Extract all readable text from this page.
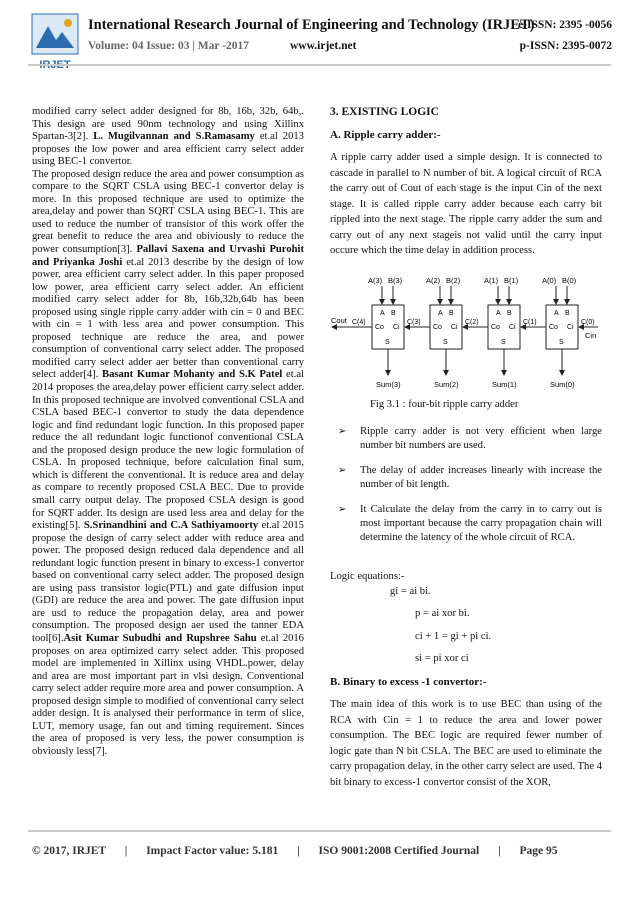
IRJET
International Research Journal of Engineering and Technology (IRJET)
e-ISSN: 2395 -0056
Volume: 04 Issue: 03 | Mar -2017	www.irjet.net	p-ISSN: 2395-0072

modified carry select adder designed for 8b, 16b, 32b, 64b,. This design are used 90nm technology and using Xillinx Spartan-3[2]. L. Mugilvannan and S.Ramasamy et.al 2013 proposes the low power and area efficient carry select adder using BEC-1 convertor.

The proposed design reduce the area and power consumption as compare to the SQRT CSLA using BEC-1 convertor delay is more. In this proposed technique are used to optimize the area,delay and power than SQRT CSLA using BEC-1. This are used to reduce the number of transistor of this work offer the great benefit to reduce the area and obiviously to reduce the power consumption[3]. Pallavi Saxena and Urvashi Purohit and Priyanka Joshi et.al 2013 describe by the design of low power, area efficient carry select adder. In this paper proposed low power, area efficient carry select adder. An efficient modified carry select adder for 8b, 16b,32b,64b has been proposed using single ripple carry adder with cin = 0 and BEC with cin = 1 with less area and power consumption. This proposed technique are reduce the area, and power consumption of conventional carry select adder. The proposed modified carry select adder aer better than conventional carry select adder[4]. Basant Kumar Mohanty and S.K Patel et.al 2014 proposes the area,delay power efficient carry select adder. In this proposed technique are involved conventional CSLA and CSLA based BEC-1 convertor to study the data dependence logic and find redundant logic function. In this proposed paper reduce the all redundant logic functionof conventional CSLA and the proposed design produce the new logic formulation of CSLA. In proposed technique, before calculation final sum, which is different the conventional. It is reduce area and delay as compare to recently proposed CSLA BEC. Due to provide small carry output delay. The proposed CSLA design is good for SQRT adder. Its design are used less area and delay for the existing[5]. S.Srinandhini and C.A Sathiyamoorty et.al 2015 propose the design of carry select adder with reduce area and power. The proposed design reduced dala dependence and all redundant logic function present in binary to excess-1 convertor based on conventional carry select adder. The proposed design are using pass transistor logic(PTL) and gate diffusion input (GDI) are reduce the area and power. The gate diffusion input are usd to reduce the propagation delay, area and power consumption. The proposed design aer used the tanner EDA tool[6].Asit Kumar Subudhi and Rupshree Sahu et.al 2016 proposes on area optimized carry select adder. This proposed model are implemented in Xillinx using VHDL.power, delay and area are most important part in vlsi design. Conventional carry select adder require more area and power consumption. A proposed design simple to modified of conventional carry select adder design. It is analysed their performance in term of slice, LUT, memory usage, fan out and timing requirement. Sinces the area of proposed is very less, the power consumption is obviously less[7].

3. EXISTING LOGIC
A. Ripple carry adder:-

A ripple carry adder used a simple design. It is connected to cascade in parallel to N number of bit. A logical circuit of RCA the carry out of Cout of each stage is the input Cin of the next stage. It is called ripple carry adder because each carry bit rippled into the next stage. The ripple carry adder the sum and carry out of any next stageis not valid until the carry input occure which the time delay in addition process.

A B
Co Ci
S
A(3) B(3)
Sum(3)
A B
Co Ci
S
A(2) B(2)
Sum(2)
A B
Co Ci
S
A(1) B(1)
Sum(1)
A B
Co Ci
S
A(0) B(0)
Sum(0)
C(3)	C(2)	C(1)	C(0)
Cin
C(4)
Cout
Fig 3.1 : four-bit ripple carry adder
➢ Ripple carry adder is not very efficient when large number bit numbers are used.
➢ The delay of adder increases linearly with increase the number of bit length.
➢ It Calculate the delay from the carry in to carry out is most important because the carry propagation chain will determine the latency of the whole circuit of RCA.
Logic equations:-
gi = ai bi.
p = ai xor bi.
ci + 1 = gi + pi ci.
si = pi xor ci
B. Binary to excess -1 convertor:-

The main idea of this work is to use BEC than using of the RCA with Cin = 1 to reduce the area and lower power consumption. The BEC logic are required fewer number of logic gate than N bit CSLA. The BEC are used to eliminate the carry propagation delay, in the other carry select are used. The 4 bit binary to excess-1 convertor consist of the XOR,

© 2017, IRJET | Impact Factor value: 5.181 | ISO 9001:2008 Certified Journal | Page 95
